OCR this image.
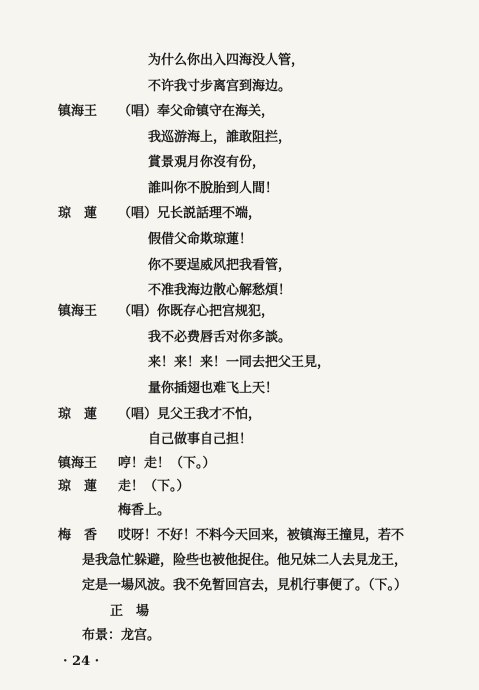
为什么你出入四海没人管，
不许我寸步离宫到海边。
镇海王 （唱）奉父命镇守在海关，
我巡游海上，誰敢阻拦，
賞景覌月你沒有份，
誰叫你不脫胎到人間！
琼　蓮 （唱）兄长説話理不端，
假借父命欺琼蓮！
你不要逞威风把我看管，
不准我海边散心解愁煩！
镇海王 （唱）你既存心把宫规犯，
我不必费唇舌对你多談。
来！来！来！一同去把父王見，
量你插翅也难飞上天！
琼　蓮 （唱）見父王我才不怕，
自己做事自己担！
镇海王 哼！走！（下。）
琼　蓮 走！（下。）
梅香上。
梅　香 哎呀！不好！不料今天回来，被镇海王撞見，若不
是我急忙躲避，险些也被他捉住。他兄妹二人去見龙王，
定是一場风波。我不免暂回宫去，見机行事便了。（下。）
正　場
布景：龙宫。
· 24 ·
